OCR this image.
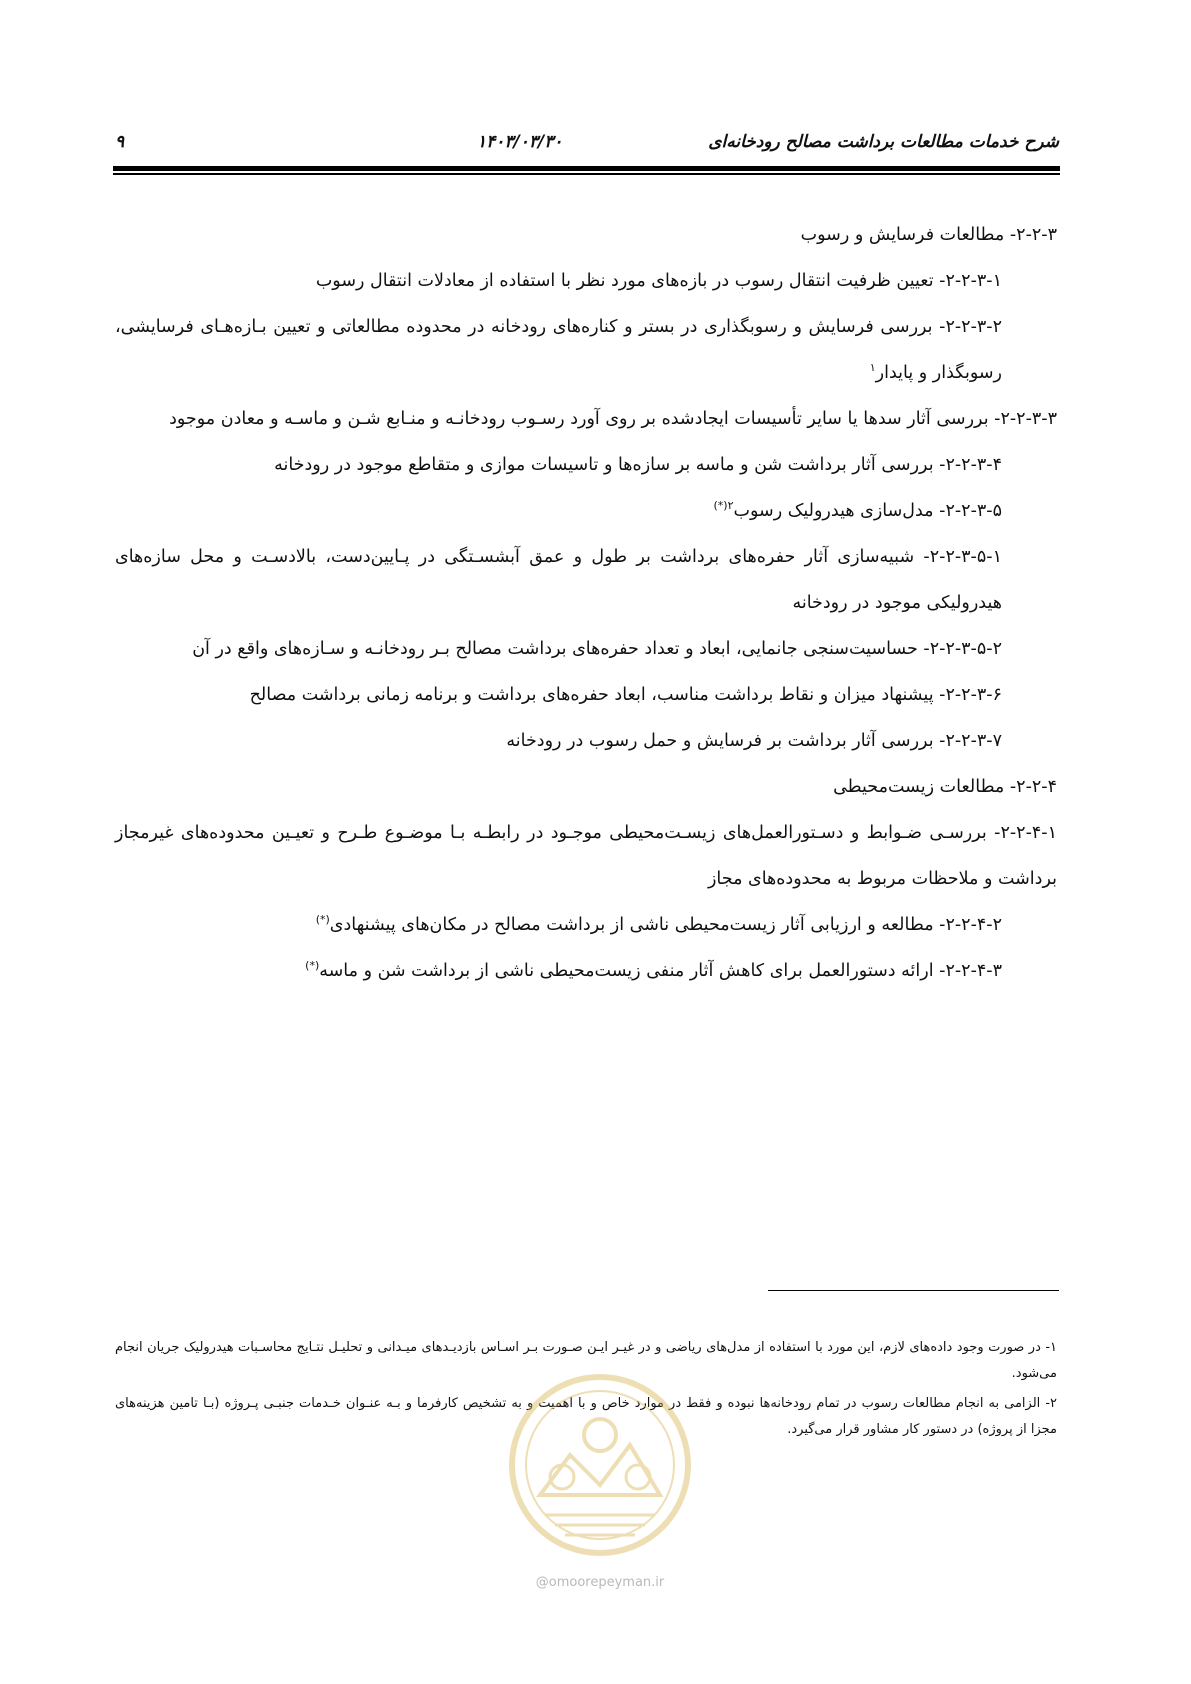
شرح خدمات مطالعات برداشت مصالح رودخانه‌ای
۱۴۰۳/۰۳/۳۰
۹

۲-۲-۳- مطالعات فرسایش و رسوب

۲-۲-۳-۱- تعیین ظرفیت انتقال رسوب در بازه‌های مورد نظر با استفاده از معادلات انتقال رسوب

۲-۲-۳-۲- بررسی فرسایش و رسوبگذاری در بستر و کناره‌های رودخانه در محدوده مطالعاتی و تعیین بـازه‌هـای فرسایشی، رسوبگذار و پایدار$^۱$

۲-۲-۳-۳- بررسی آثار سدها یا سایر تأسیسات ایجادشده بر روی آورد رسـوب رودخانـه و منـابع شـن و ماسـه و معادن موجود

۲-۲-۳-۴- بررسی آثار برداشت شن و ماسه بر سازه‌ها و تاسیسات موازی و متقاطع موجود در رودخانه

۲-۲-۳-۵- مدل‌سازی هیدرولیک رسوب$^{۲(*)}$

۲-۲-۳-۵-۱- شبیه‌سازی آثار حفره‌های برداشت بر طول و عمق آبشسـتگی در پـایین‌دست، بالادسـت و محل سازه‌های هیدرولیکی موجود در رودخانه

۲-۲-۳-۵-۲- حساسیت‌سنجی جانمایی، ابعاد و تعداد حفره‌های برداشت مصالح بـر رودخانـه و سـازه‌های واقع در آن

۲-۲-۳-۶- پیشنهاد میزان و نقاط برداشت مناسب، ابعاد حفره‌های برداشت و برنامه زمانی برداشت مصالح

۲-۲-۳-۷- بررسی آثار برداشت بر فرسایش و حمل رسوب در رودخانه

۲-۲-۴- مطالعات زیست‌محیطی

۲-۲-۴-۱- بررسـی ضـوابط و دسـتورالعمل‌های زیسـت‌محیطی موجـود در رابطـه بـا موضـوع طـرح و تعیـین محدوده‌های غیرمجاز برداشت و ملاحظات مربوط به محدوده‌های مجاز

۲-۲-۴-۲- مطالعه و ارزیابی آثار زیست‌محیطی ناشی از برداشت مصالح در مکان‌های پیشنهادی(*)

۲-۲-۴-۳- ارائه دستورالعمل برای کاهش آثار منفی زیست‌محیطی ناشی از برداشت شن و ماسه(*)

۱- در صورت وجود داده‌های لازم، این مورد با استفاده از مدل‌های ریاضی و در غیـر ایـن صـورت بـر اسـاس بازدیـدهای میـدانی و تحلیـل نتـایج محاسـبات هیدرولیک جریان انجام می‌شود.

۲- الزامی به انجام مطالعات رسوب در تمام رودخانه‌ها نبوده و فقط در موارد خاص و با اهمیت و به تشخیص کارفرما و بـه عنـوان خـدمات جنبـی پـروژه (بـا تامین هزینه‌های مجزا از پروژه) در دستور کار مشاور قرار می‌گیرد.

@omoorepeyman.ir
